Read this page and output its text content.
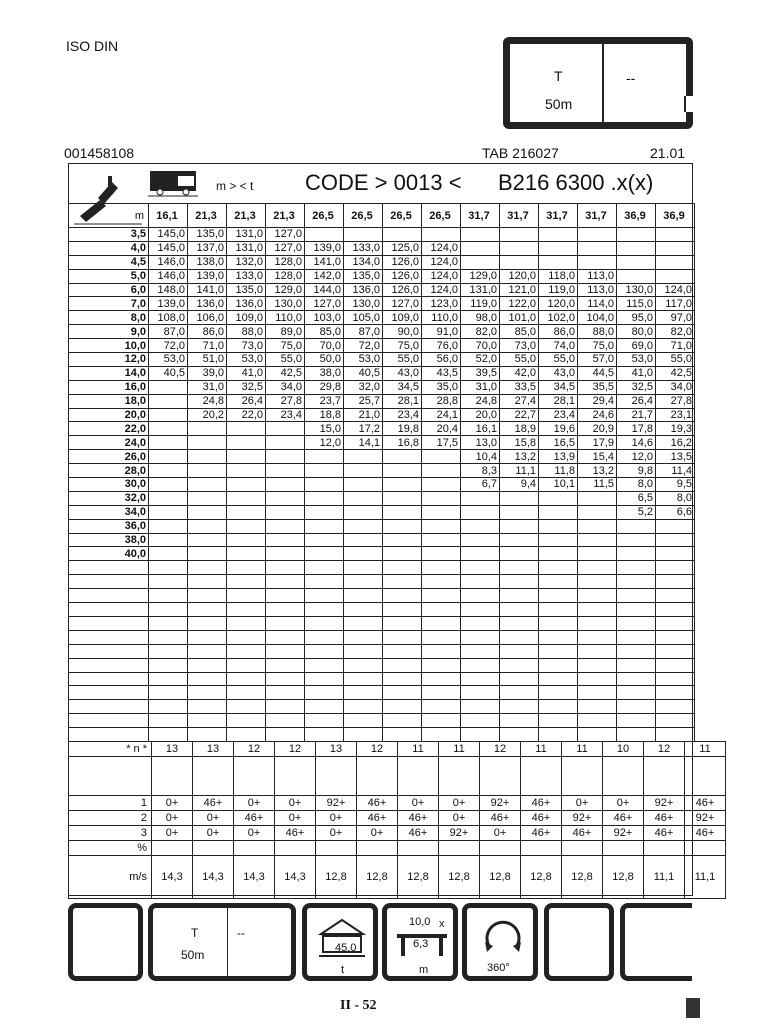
ISO DIN
T
50m
--
001458108	TAB 216027	21.01
m > < t CODE > 0013 < B216 6300 .x(x)
m	16,1	21,3	21,3	21,3	26,5	26,5	26,5	26,5	31,7	31,7	31,7	31,7	36,9	36,9
3,5	145,0	135,0	131,0	127,0										
4,0	145,0	137,0	131,0	127,0	139,0	133,0	125,0	124,0						
4,5	146,0	138,0	132,0	128,0	141,0	134,0	126,0	124,0						
5,0	146,0	139,0	133,0	128,0	142,0	135,0	126,0	124,0	129,0	120,0	118,0	113,0		
6,0	148,0	141,0	135,0	129,0	144,0	136,0	126,0	124,0	131,0	121,0	119,0	113,0	130,0	124,0
7,0	139,0	136,0	136,0	130,0	127,0	130,0	127,0	123,0	119,0	122,0	120,0	114,0	115,0	117,0
8,0	108,0	106,0	109,0	110,0	103,0	105,0	109,0	110,0	98,0	101,0	102,0	104,0	95,0	97,0
9,0	87,0	86,0	88,0	89,0	85,0	87,0	90,0	91,0	82,0	85,0	86,0	88,0	80,0	82,0
10,0	72,0	71,0	73,0	75,0	70,0	72,0	75,0	76,0	70,0	73,0	74,0	75,0	69,0	71,0
12,0	53,0	51,0	53,0	55,0	50,0	53,0	55,0	56,0	52,0	55,0	55,0	57,0	53,0	55,0
14,0	40,5	39,0	41,0	42,5	38,0	40,5	43,0	43,5	39,5	42,0	43,0	44,5	41,0	42,5
16,0		31,0	32,5	34,0	29,8	32,0	34,5	35,0	31,0	33,5	34,5	35,5	32,5	34,0
18,0		24,8	26,4	27,8	23,7	25,7	28,1	28,8	24,8	27,4	28,1	29,4	26,4	27,8
20,0		20,2	22,0	23,4	18,8	21,0	23,4	24,1	20,0	22,7	23,4	24,6	21,7	23,1
22,0					15,0	17,2	19,8	20,4	16,1	18,9	19,6	20,9	17,8	19,3
24,0					12,0	14,1	16,8	17,5	13,0	15,8	16,5	17,9	14,6	16,2
26,0									10,4	13,2	13,9	15,4	12,0	13,5
28,0									8,3	11,1	11,8	13,2	9,8	11,4
30,0									6,7	9,4	10,1	11,5	8,0	9,5
32,0													6,5	8,0
34,0													5,2	6,6
36,0														
38,0														
40,0														

* n *	13	13	12	12	13	12	11	11	12	11	11	10	12	11

1	0+	46+	0+	0+	92+	46+	0+	0+	92+	46+	0+	0+	92+	46+
2	0+	0+	46+	0+	0+	46+	46+	0+	46+	46+	92+	46+	46+	92+
3	0+	0+	0+	46+	0+	0+	46+	92+	0+	46+	46+	92+	46+	46+
%														
m/s	14,3	14,3	14,3	14,3	12,8	12,8	12,8	12,8	12,8	12,8	12,8	12,8	11,1	11,1
T
50m
--
45,0
t
10,0 x
6,3
m	360°
II - 52
